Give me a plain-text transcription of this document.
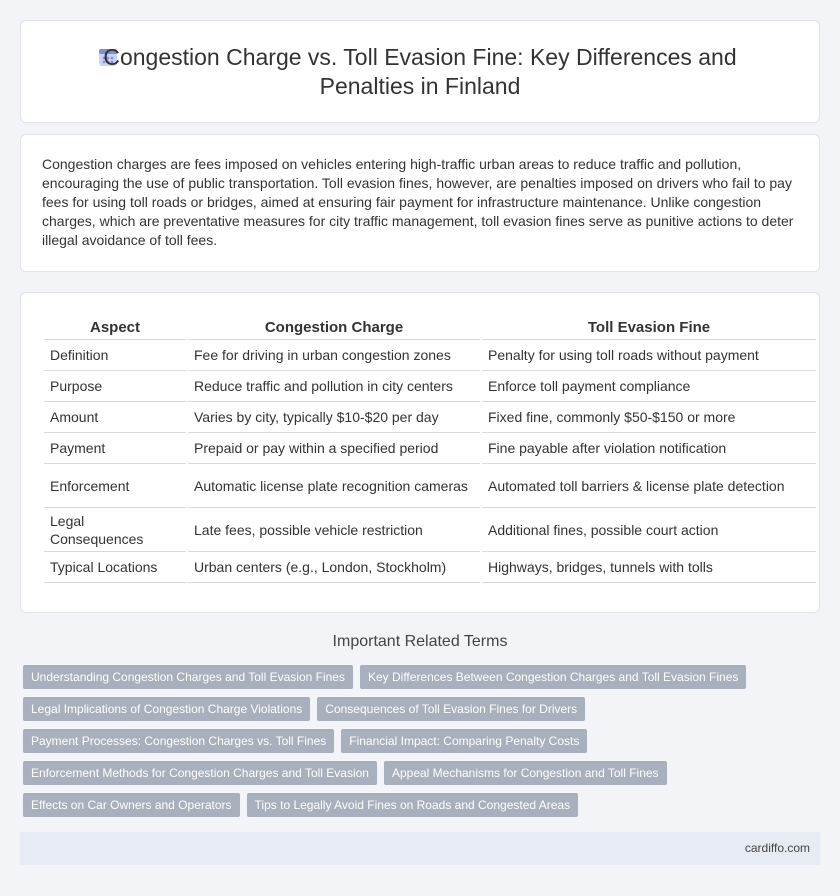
Congestion Charge vs. Toll Evasion Fine: Key Differences and Penalties in Finland

Congestion charges are fees imposed on vehicles entering high-traffic urban areas to reduce traffic and pollution, encouraging the use of public transportation. Toll evasion fines, however, are penalties imposed on drivers who fail to pay fees for using toll roads or bridges, aimed at ensuring fair payment for infrastructure maintenance. Unlike congestion charges, which are preventative measures for city traffic management, toll evasion fines serve as punitive actions to deter illegal avoidance of toll fees.

Aspect	Congestion Charge	Toll Evasion Fine
Definition	Fee for driving in urban congestion zones	Penalty for using toll roads without payment
Purpose	Reduce traffic and pollution in city centers	Enforce toll payment compliance
Amount	Varies by city, typically $10-$20 per day	Fixed fine, commonly $50-$150 or more
Payment	Prepaid or pay within a specified period	Fine payable after violation notification
Enforcement	Automatic license plate recognition cameras	Automated toll barriers & license plate detection
Legal Consequences	Late fees, possible vehicle restriction	Additional fines, possible court action
Typical Locations	Urban centers (e.g., London, Stockholm)	Highways, bridges, tunnels with tolls
Important Related Terms
Understanding Congestion Charges and Toll Evasion Fines	Key Differences Between Congestion Charges and Toll Evasion Fines
Legal Implications of Congestion Charge Violations	Consequences of Toll Evasion Fines for Drivers
Payment Processes: Congestion Charges vs. Toll Fines	Financial Impact: Comparing Penalty Costs
Enforcement Methods for Congestion Charges and Toll Evasion	Appeal Mechanisms for Congestion and Toll Fines
Effects on Car Owners and Operators	Tips to Legally Avoid Fines on Roads and Congested Areas
cardiffo.com
